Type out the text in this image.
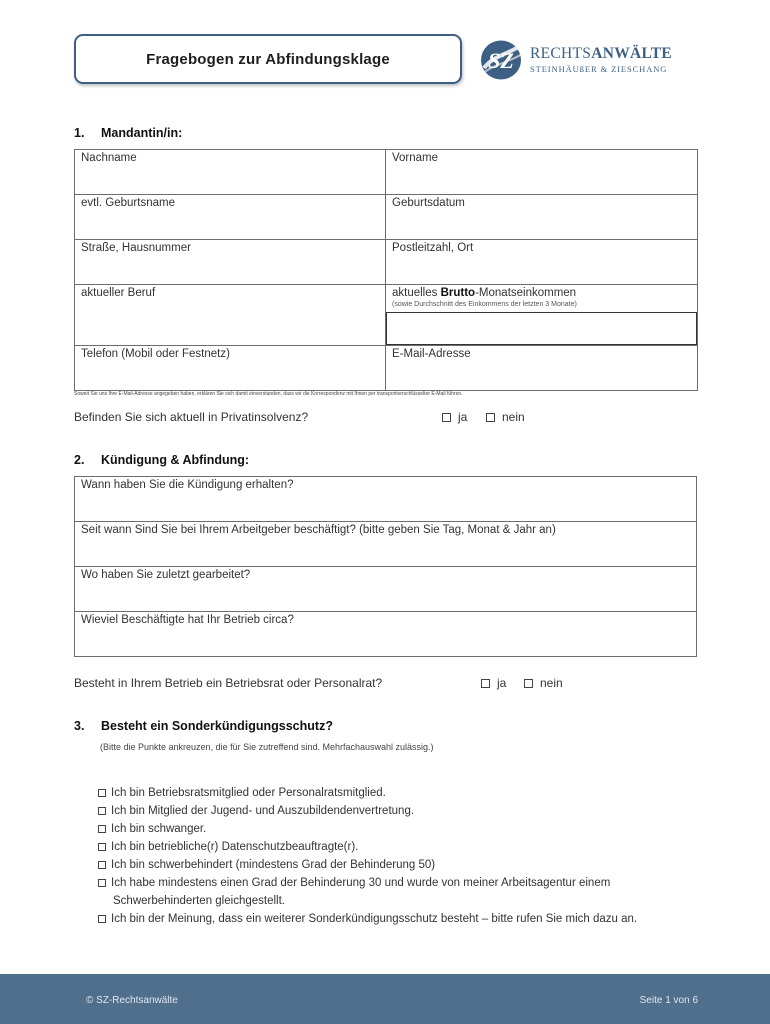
Fragebogen zur Abfindungsklage	SZ RECHTSANWÄLTE
STEINHÄUßER & ZIESCHANG
1. Mandantin/in:
Nachname	Vorname
evtl. Geburtsname	Geburtsdatum
Straße, Hausnummer	Postleitzahl, Ort
aktueller Beruf	aktuelles Brutto-Monatseinkommen
(sowie Durchschnitt des Einkommens der letzten 3 Monate)

Telefon (Mobil oder Festnetz)	E-Mail-Adresse
Soweit Sie uns Ihre E-Mail-Adresse angegeben haben, erklären Sie sich damit einverstanden, dass wir die Korrespondenz mit Ihnen per transportverschlüsselter E-Mail führen.
Befinden Sie sich aktuell in Privatinsolvenz?	ja	nein
2. Kündigung & Abfindung:
Wann haben Sie die Kündigung erhalten?
Seit wann Sind Sie bei Ihrem Arbeitgeber beschäftigt? (bitte geben Sie Tag, Monat & Jahr an)
Wo haben Sie zuletzt gearbeitet?
Wieviel Beschäftigte hat Ihr Betrieb circa?
Besteht in Ihrem Betrieb ein Betriebsrat oder Personalrat?	ja	nein
3. Besteht ein Sonderkündigungsschutz?
(Bitte die Punkte ankreuzen, die für Sie zutreffend sind. Mehrfachauswahl zulässig.)
Ich bin Betriebsratsmitglied oder Personalratsmitglied.
Ich bin Mitglied der Jugend- und Auszubildendenvertretung.
Ich bin schwanger.
Ich bin betriebliche(r) Datenschutzbeauftragte(r).
Ich bin schwerbehindert (mindestens Grad der Behinderung 50)
Ich habe mindestens einen Grad der Behinderung 30 und wurde von meiner Arbeitsagentur einem Schwerbehinderten gleichgestellt.
Ich bin der Meinung, dass ein weiterer Sonderkündigungsschutz besteht – bitte rufen Sie mich dazu an.
© SZ-Rechtsanwälte	Seite 1 von 6
